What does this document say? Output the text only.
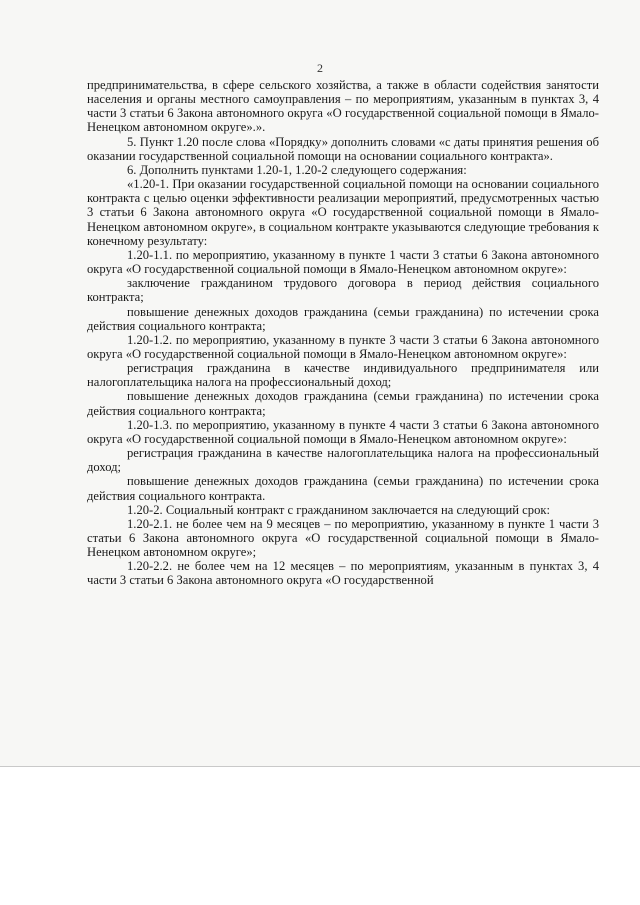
2

предпринимательства, в сфере сельского хозяйства, а также в области содействия занятости населения и органы местного самоуправления – по мероприятиям, указанным в пунктах 3, 4 части 3 статьи 6 Закона автономного округа «О государственной социальной помощи в Ямало-Ненецком автономном округе».».

5. Пункт 1.20 после слова «Порядку» дополнить словами «с даты принятия решения об оказании государственной социальной помощи на основании социального контракта».

6. Дополнить пунктами 1.20-1, 1.20-2 следующего содержания:

«1.20-1. При оказании государственной социальной помощи на основании социального контракта с целью оценки эффективности реализации мероприятий, предусмотренных частью 3 статьи 6 Закона автономного округа «О государственной социальной помощи в Ямало-Ненецком автономном округе», в социальном контракте указываются следующие требования к конечному результату:

1.20-1.1. по мероприятию, указанному в пункте 1 части 3 статьи 6 Закона автономного округа «О государственной социальной помощи в Ямало-Ненецком автономном округе»:

заключение гражданином трудового договора в период действия социального контракта;

повышение денежных доходов гражданина (семьи гражданина) по истечении срока действия социального контракта;

1.20-1.2. по мероприятию, указанному в пункте 3 части 3 статьи 6 Закона автономного округа «О государственной социальной помощи в Ямало-Ненецком автономном округе»:

регистрация гражданина в качестве индивидуального предпринимателя или налогоплательщика налога на профессиональный доход;

повышение денежных доходов гражданина (семьи гражданина) по истечении срока действия социального контракта;

1.20-1.3. по мероприятию, указанному в пункте 4 части 3 статьи 6 Закона автономного округа «О государственной социальной помощи в Ямало-Ненецком автономном округе»:

регистрация гражданина в качестве налогоплательщика налога на профессиональный доход;

повышение денежных доходов гражданина (семьи гражданина) по истечении срока действия социального контракта.

1.20-2. Социальный контракт с гражданином заключается на следующий срок:

1.20-2.1. не более чем на 9 месяцев – по мероприятию, указанному в пункте 1 части 3 статьи 6 Закона автономного округа «О государственной социальной помощи в Ямало-Ненецком автономном округе»;

1.20-2.2. не более чем на 12 месяцев – по мероприятиям, указанным в пунктах 3, 4 части 3 статьи 6 Закона автономного округа «О государственной
